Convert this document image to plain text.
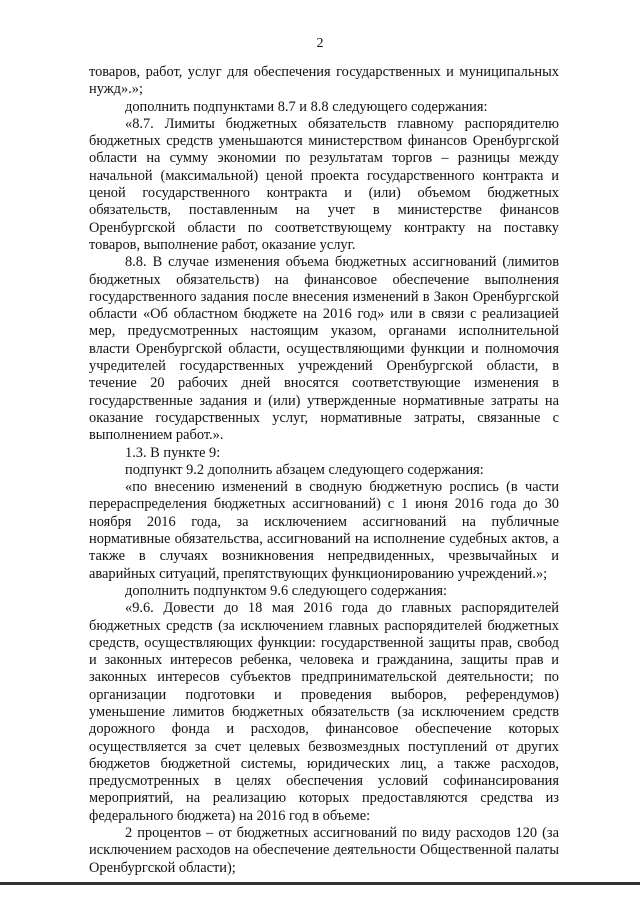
2

товаров, работ, услуг для обеспечения государственных и муниципальных нужд».»;

дополнить подпунктами 8.7 и 8.8 следующего содержания:

«8.7. Лимиты бюджетных обязательств главному распорядителю бюджетных средств уменьшаются министерством финансов Оренбургской области на сумму экономии по результатам торгов – разницы между начальной (максимальной) ценой проекта государственного контракта и ценой государственного контракта и (или) объемом бюджетных обязательств, поставленным на учет в министерстве финансов Оренбургской области по соответствующему контракту на поставку товаров, выполнение работ, оказание услуг.

8.8. В случае изменения объема бюджетных ассигнований (лимитов бюджетных обязательств) на финансовое обеспечение выполнения государственного задания после внесения изменений в Закон Оренбургской области «Об областном бюджете на 2016 год» или в связи с реализацией мер, предусмотренных настоящим указом, органами исполнительной власти Оренбургской области, осуществляющими функции и полномочия учредителей государственных учреждений Оренбургской области, в течение 20 рабочих дней вносятся соответствующие изменения в государственные задания и (или) утвержденные нормативные затраты на оказание государственных услуг, нормативные затраты, связанные с выполнением работ.».

1.3. В пункте 9:

подпункт 9.2 дополнить абзацем следующего содержания:

«по внесению изменений в сводную бюджетную роспись (в части перераспределения бюджетных ассигнований) с 1 июня 2016 года до 30 ноября 2016 года, за исключением ассигнований на публичные нормативные обязательства, ассигнований на исполнение судебных актов, а также в случаях возникновения непредвиденных, чрезвычайных и аварийных ситуаций, препятствующих функционированию учреждений.»;

дополнить подпунктом 9.6 следующего содержания:

«9.6. Довести до 18 мая 2016 года до главных распорядителей бюджетных средств (за исключением главных распорядителей бюджетных средств, осуществляющих функции: государственной защиты прав, свобод и законных интересов ребенка, человека и гражданина, защиты прав и законных интересов субъектов предпринимательской деятельности; по организации подготовки и проведения выборов, референдумов) уменьшение лимитов бюджетных обязательств (за исключением средств дорожного фонда и расходов, финансовое обеспечение которых осуществляется за счет целевых безвозмездных поступлений от других бюджетов бюджетной системы, юридических лиц, а также расходов, предусмотренных в целях обеспечения условий софинансирования мероприятий, на реализацию которых предоставляются средства из федерального бюджета) на 2016 год в объеме:

2 процентов – от бюджетных ассигнований по виду расходов 120 (за исключением расходов на обеспечение деятельности Общественной палаты Оренбургской области);
